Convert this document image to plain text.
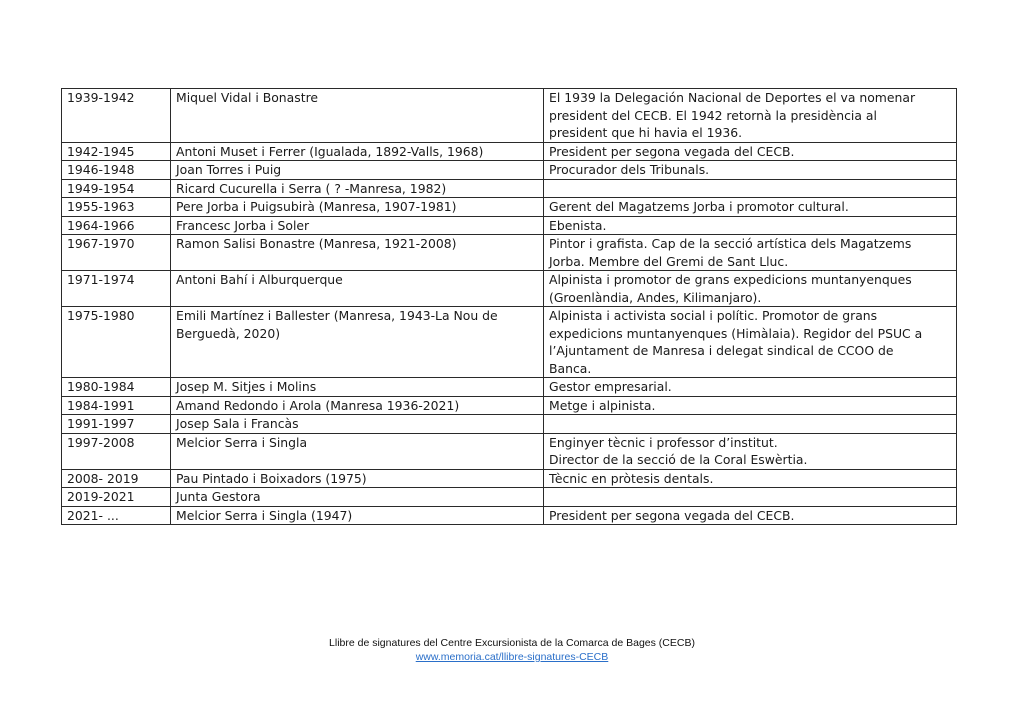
1939-1942	Miquel Vidal i Bonastre	El 1939 la Delegación Nacional de Deportes el va nomenar
president del CECB. El 1942 retornà la presidència al
president que hi havia el 1936.

1942-1945	Antoni Muset i Ferrer (Igualada, 1892-Valls, 1968)	President per segona vegada del CECB.

1946-1948	Joan Torres i Puig	Procurador dels Tribunals.

1949-1954	Ricard Cucurella i Serra ( ? -Manresa, 1982)	

1955-1963	Pere Jorba i Puigsubirà (Manresa, 1907-1981)	Gerent del Magatzems Jorba i promotor cultural.

1964-1966	Francesc Jorba i Soler	Ebenista.

1967-1970	Ramon Salisi Bonastre (Manresa, 1921-2008)	Pintor i grafista. Cap de la secció artística dels Magatzems
Jorba. Membre del Gremi de Sant Lluc.

1971-1974	Antoni Bahí i Alburquerque	Alpinista i promotor de grans expedicions muntanyenques
(Groenlàndia, Andes, Kilimanjaro).

1975-1980	Emili Martínez i Ballester (Manresa, 1943-La Nou de Berguedà, 2020)	Alpinista i activista social i polític. Promotor de grans
expedicions muntanyenques (Himàlaia). Regidor del PSUC a
l’Ajuntament de Manresa i delegat sindical de CCOO de
Banca.

1980-1984	Josep M. Sitjes i Molins	Gestor empresarial.

1984-1991	Amand Redondo i Arola (Manresa 1936-2021)	Metge i alpinista.

1991-1997	Josep Sala i Francàs	

1997-2008	Melcior Serra i Singla	Enginyer tècnic i professor d’institut.
Director de la secció de la Coral Eswèrtia.

2008- 2019	Pau Pintado i Boixadors (1975)	Tècnic en pròtesis dentals.

2019-2021	Junta Gestora	

2021- ...	Melcior Serra i Singla (1947)	President per segona vegada del CECB.
Llibre de signatures del Centre Excursionista de la Comarca de Bages (CECB)
www.memoria.cat/llibre-signatures-CECB
